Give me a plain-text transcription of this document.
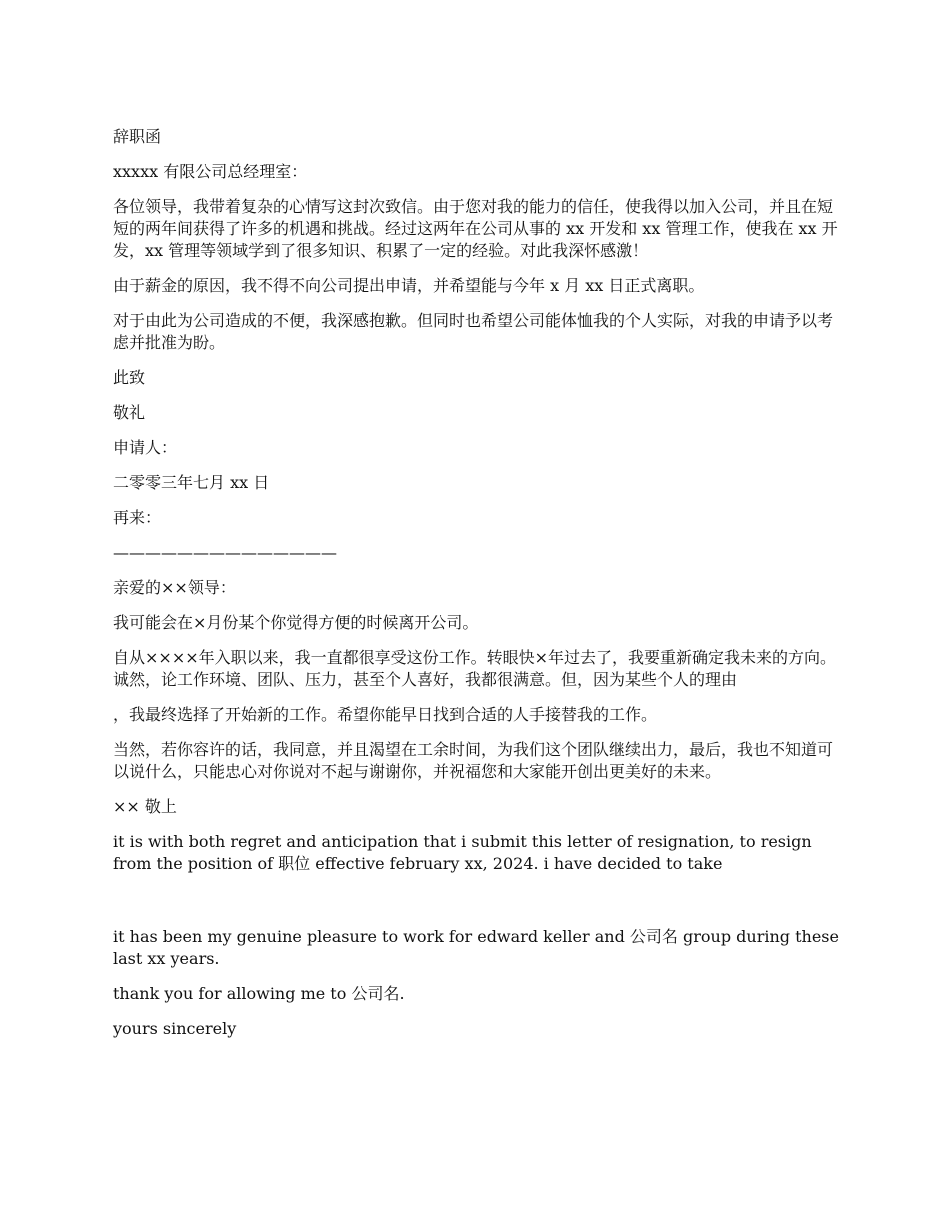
辞职函

xxxxx 有限公司总经理室：

各位领导，我带着复杂的心情写这封次致信。由于您对我的能力的信任，使我得以加入公司，并且在短短的两年间获得了许多的机遇和挑战。经过这两年在公司从事的 xx 开发和 xx 管理工作，使我在 xx 开发，xx 管理等领域学到了很多知识、积累了一定的经验。对此我深怀感激！

由于薪金的原因，我不得不向公司提出申请，并希望能与今年 x 月 xx 日正式离职。

对于由此为公司造成的不便，我深感抱歉。但同时也希望公司能体恤我的个人实际，对我的申请予以考虑并批准为盼。

此致

敬礼

申请人：

二零零三年七月 xx 日

再来：

——————————————

亲爱的××领导：

我可能会在×月份某个你觉得方便的时候离开公司。

自从××××年入职以来，我一直都很享受这份工作。转眼快×年过去了，我要重新确定我未来的方向。诚然，论工作环境、团队、压力，甚至个人喜好，我都很满意。但，因为某些个人的理由

，我最终选择了开始新的工作。希望你能早日找到合适的人手接替我的工作。

当然，若你容许的话，我同意，并且渴望在工余时间，为我们这个团队继续出力，最后，我也不知道可以说什么，只能忠心对你说对不起与谢谢你，并祝福您和大家能开创出更美好的未来。

×× 敬上

it is with both regret and anticipation that i submit this letter of resignation, to resign from the position of 职位 effective february xx, 2024. i have decided to take

it has been my genuine pleasure to work for edward keller and 公司名 group during these last xx years.

thank you for allowing me to 公司名.

yours sincerely
